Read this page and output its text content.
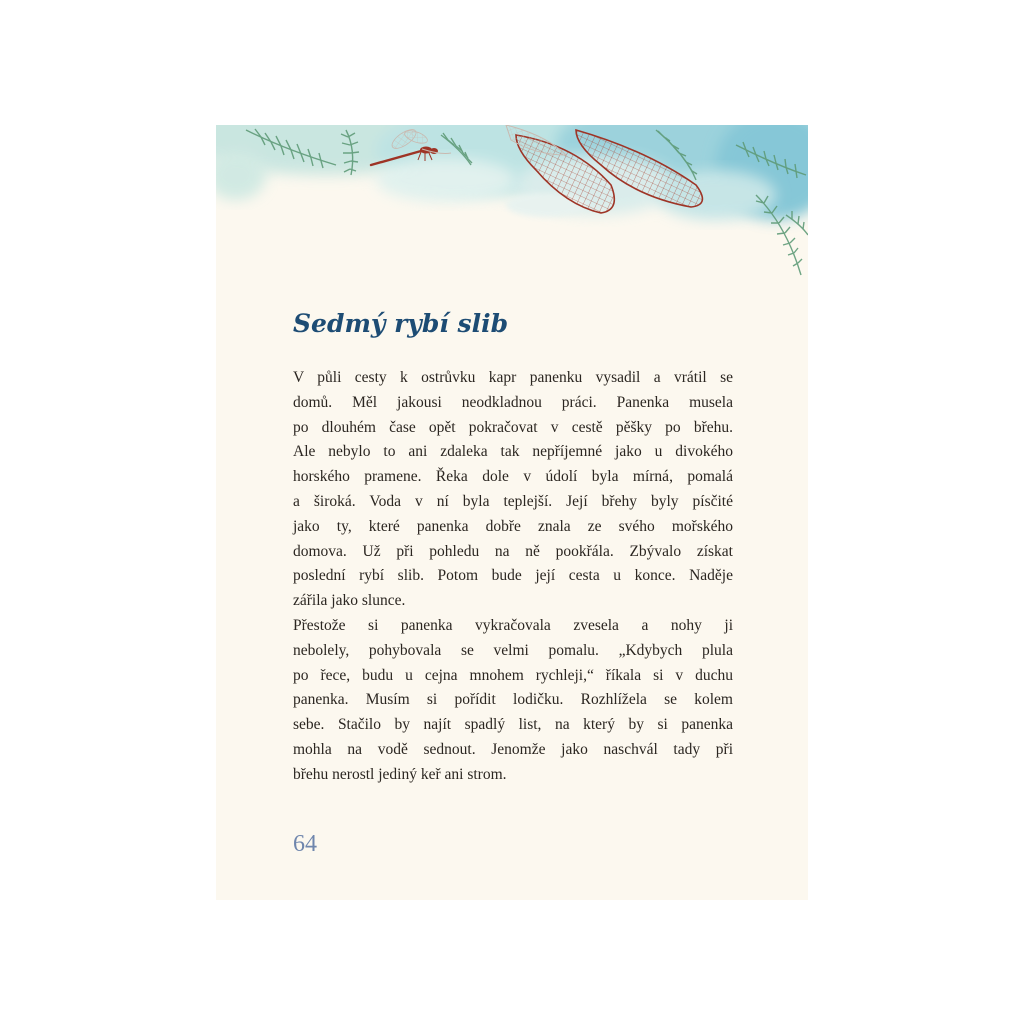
Sedmý rybí slib
V půli cesty k ostrůvku kapr panenku vysadil a vrátil se
domů. Měl jakousi neodkladnou práci. Panenka musela
po dlouhém čase opět pokračovat v cestě pěšky po břehu.
Ale nebylo to ani zdaleka tak nepříjemné jako u divokého
horského pramene. Řeka dole v údolí byla mírná, pomalá
a široká. Voda v ní byla teplejší. Její břehy byly písčité
jako ty, které panenka dobře znala ze svého mořského
domova. Už při pohledu na ně pookřála. Zbývalo získat
poslední rybí slib. Potom bude její cesta u konce. Naděje
zářila jako slunce.
Přestože si panenka vykračovala zvesela a nohy ji
nebolely, pohybovala se velmi pomalu. „Kdybych plula
po řece, budu u cejna mnohem rychleji,“ říkala si v duchu
panenka. Musím si pořídit lodičku. Rozhlížela se kolem
sebe. Stačilo by najít spadlý list, na který by si panenka
mohla na vodě sednout. Jenomže jako naschvál tady při
břehu nerostl jediný keř ani strom.
64
